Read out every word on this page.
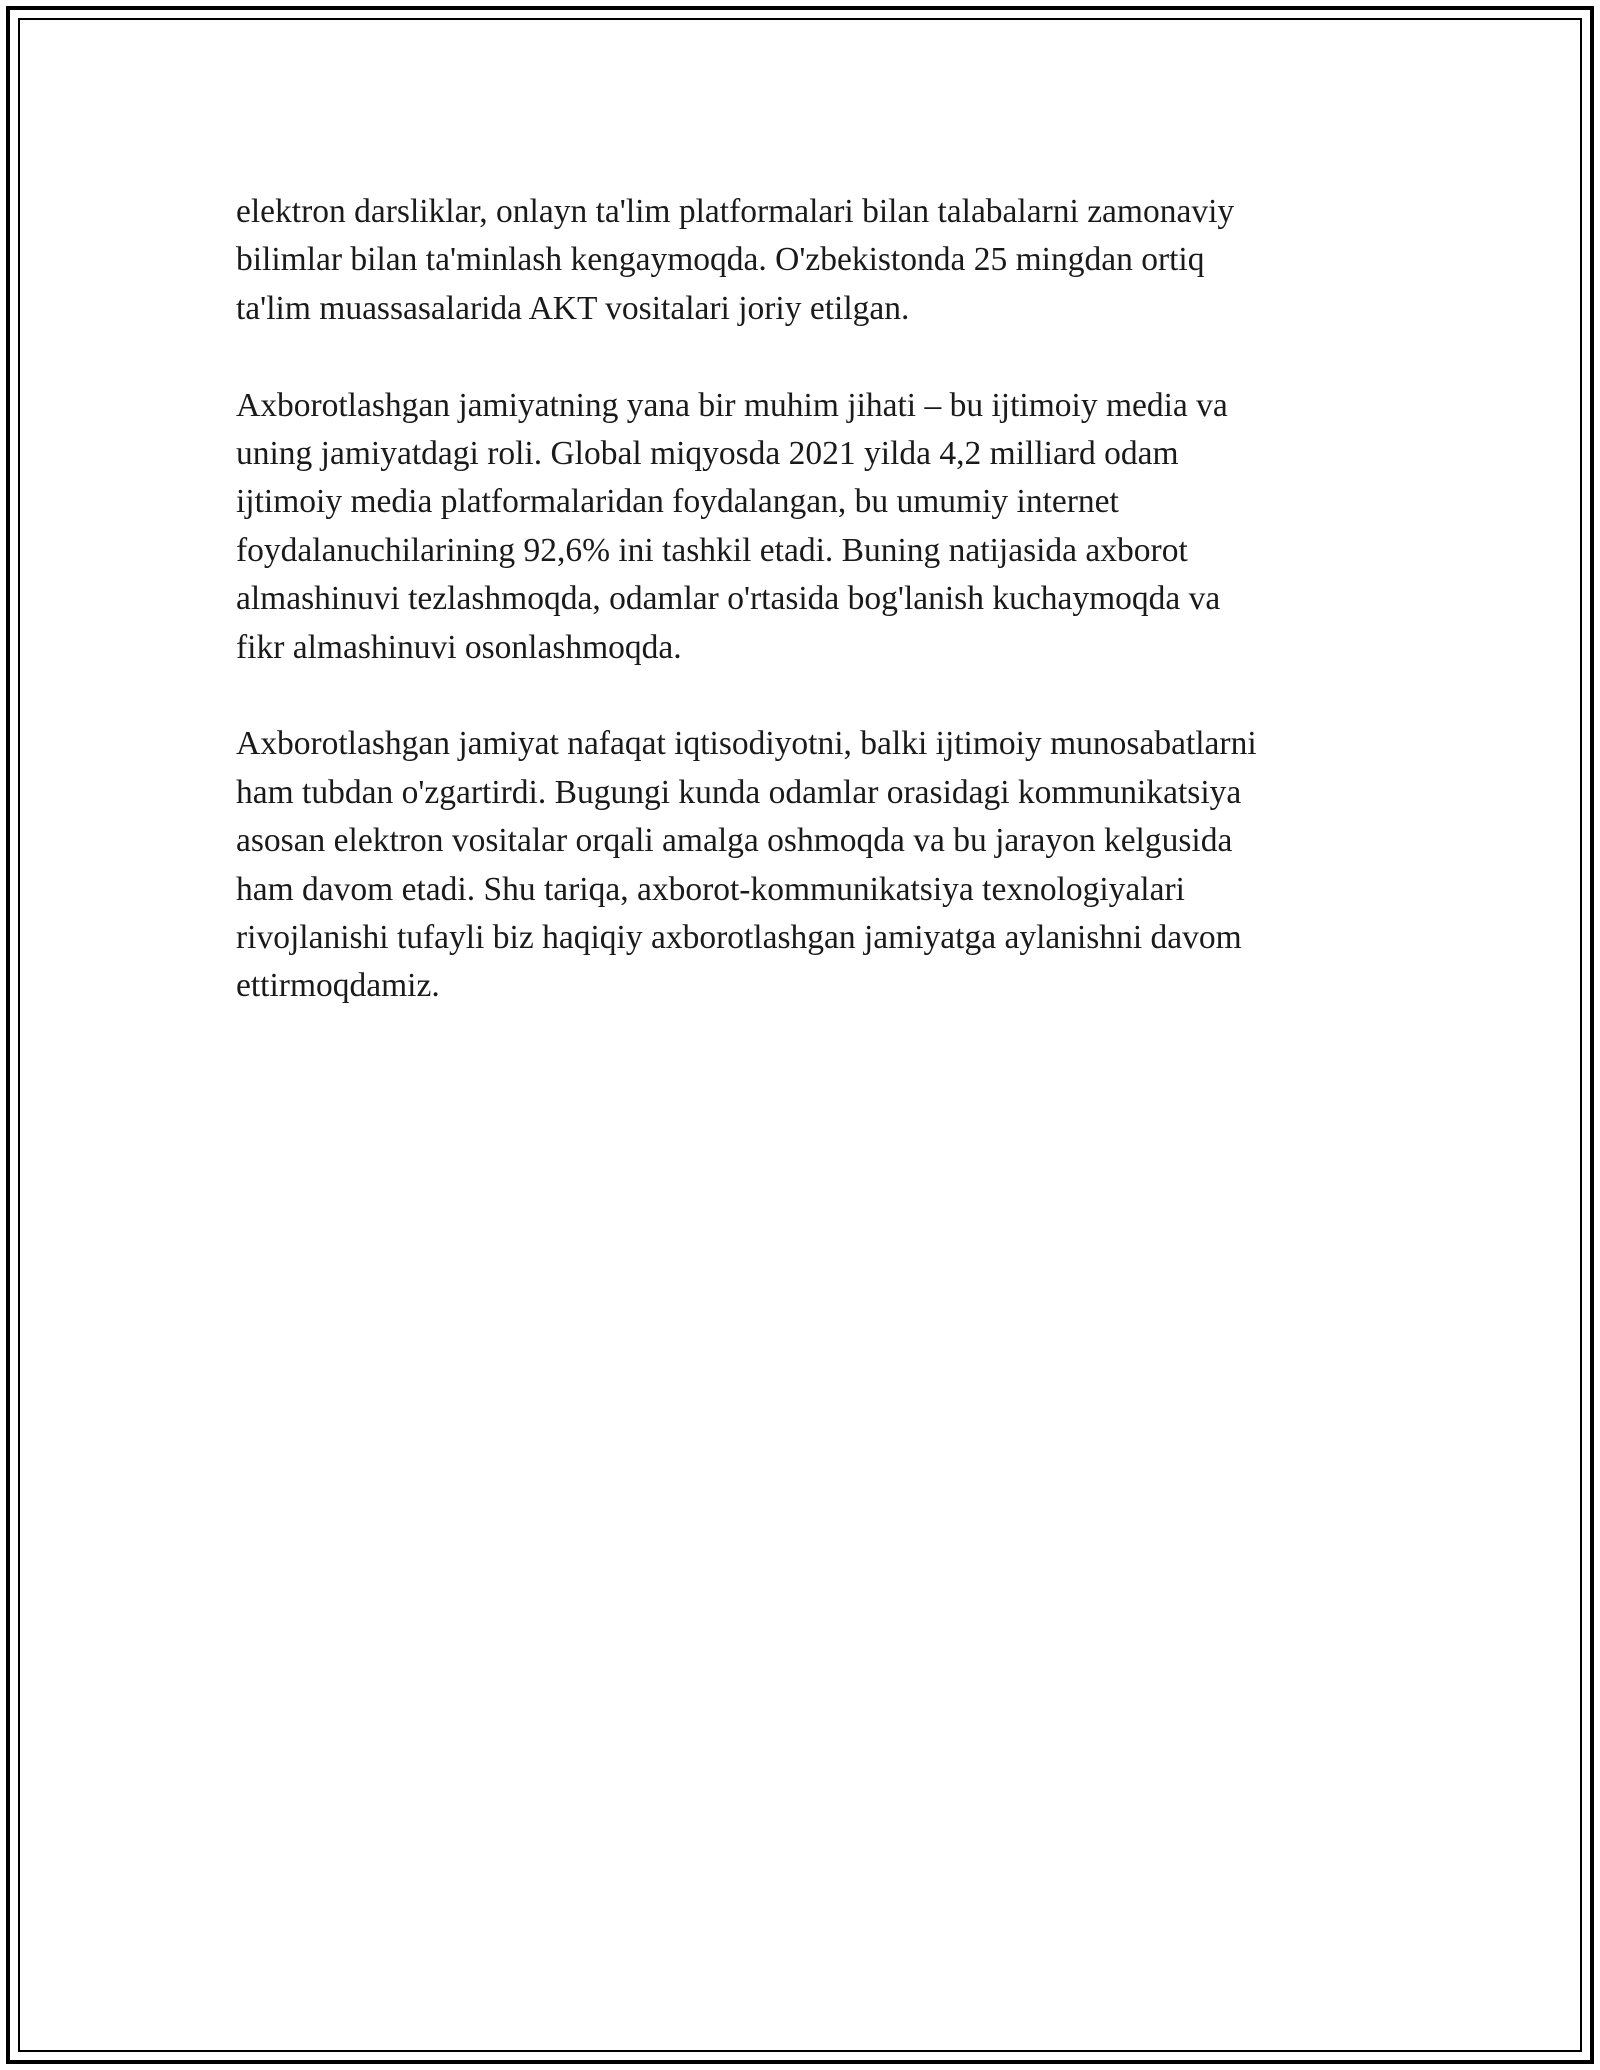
elektron darsliklar, onlayn ta'lim platformalari bilan talabalarni zamonaviy
bilimlar bilan ta'minlash kengaymoqda. O'zbekistonda 25 mingdan ortiq
ta'lim muassasalarida AKT vositalari joriy etilgan.

Axborotlashgan jamiyatning yana bir muhim jihati – bu ijtimoiy media va
uning jamiyatdagi roli. Global miqyosda 2021 yilda 4,2 milliard odam
ijtimoiy media platformalaridan foydalangan, bu umumiy internet
foydalanuchilarining 92,6% ini tashkil etadi. Buning natijasida axborot
almashinuvi tezlashmoqda, odamlar o'rtasida bog'lanish kuchaymoqda va
fikr almashinuvi osonlashmoqda.

Axborotlashgan jamiyat nafaqat iqtisodiyotni, balki ijtimoiy munosabatlarni
ham tubdan o'zgartirdi. Bugungi kunda odamlar orasidagi kommunikatsiya
asosan elektron vositalar orqali amalga oshmoqda va bu jarayon kelgusida
ham davom etadi. Shu tariqa, axborot-kommunikatsiya texnologiyalari
rivojlanishi tufayli biz haqiqiy axborotlashgan jamiyatga aylanishni davom
ettirmoqdamiz.
